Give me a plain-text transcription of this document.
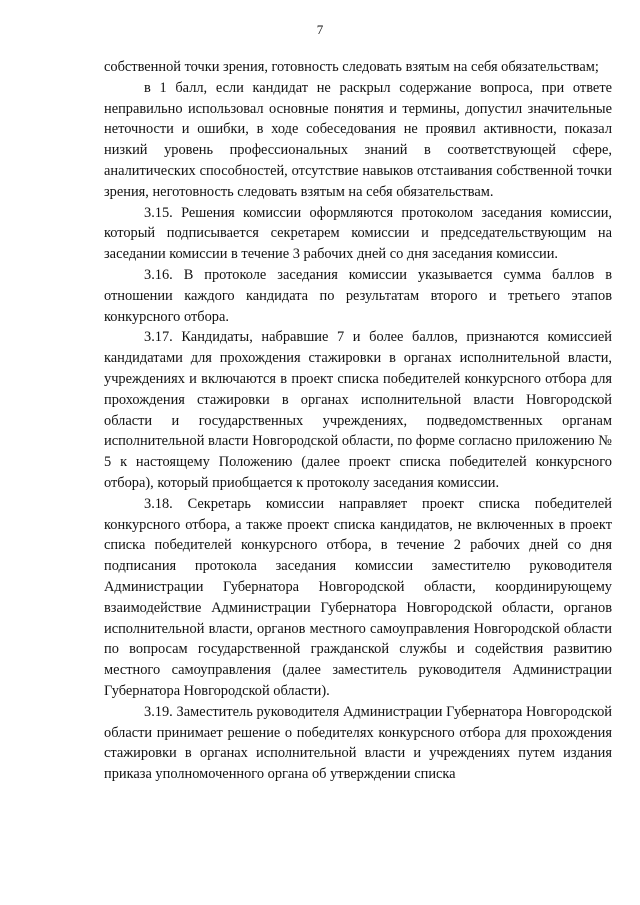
7

собственной точки зрения, готовность следовать взятым на себя обязательствам;

в 1 балл, если кандидат не раскрыл содержание вопроса, при ответе неправильно использовал основные понятия и термины, допустил значительные неточности и ошибки, в ходе собеседования не проявил активности, показал низкий уровень профессиональных знаний в соответствующей сфере, аналитических способностей, отсутствие навыков отстаивания собственной точки зрения, неготовность следовать взятым на себя обязательствам.

3.15. Решения комиссии оформляются протоколом заседания комиссии, который подписывается секретарем комиссии и председательствующим на заседании комиссии в течение 3 рабочих дней со дня заседания комиссии.

3.16. В протоколе заседания комиссии указывается сумма баллов в отношении каждого кандидата по результатам второго и третьего этапов конкурсного отбора.

3.17. Кандидаты, набравшие 7 и более баллов, признаются комиссией кандидатами для прохождения стажировки в органах исполнительной власти, учреждениях и включаются в проект списка победителей конкурсного отбора для прохождения стажировки в органах исполнительной власти Новгородской области и государственных учреждениях, подведомственных органам исполнительной власти Новгородской области, по форме согласно приложению № 5 к настоящему Положению (далее проект списка победителей конкурсного отбора), который приобщается к протоколу заседания комиссии.

3.18. Секретарь комиссии направляет проект списка победителей конкурсного отбора, а также проект списка кандидатов, не включенных в проект списка победителей конкурсного отбора, в течение 2 рабочих дней со дня подписания протокола заседания комиссии заместителю руководителя Администрации Губернатора Новгородской области, координирующему взаимодействие Администрации Губернатора Новгородской области, органов исполнительной власти, органов местного самоуправления Новгородской области по вопросам государственной гражданской службы и содействия развитию местного самоуправления (далее заместитель руководителя Администрации Губернатора Новгородской области).

3.19. Заместитель руководителя Администрации Губернатора Новгородской области принимает решение о победителях конкурсного отбора для прохождения стажировки в органах исполнительной власти и учреждениях путем издания приказа уполномоченного органа об утверждении списка
